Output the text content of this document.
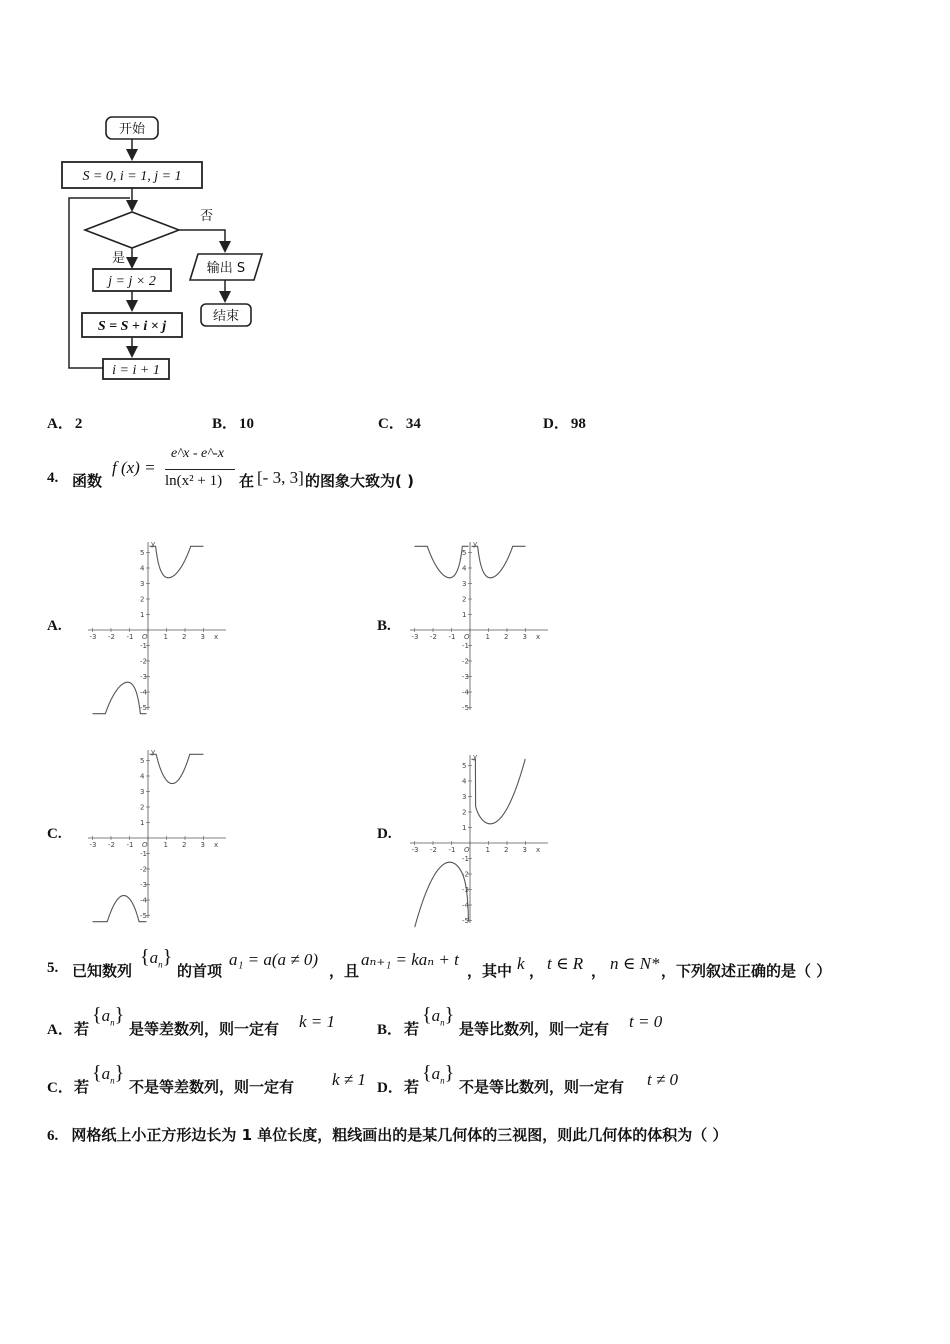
开始
S = 0, i = 1, j = 1
否
输出 S
结束
是
j = j × 2
S = S + i × j
i = i + 1
A． 2	B． 10	C． 34	D． 98
4. 函数
f (x) =
e^x - e^-x
ln(x² + 1) 在 [- 3, 3] 的图象大致为( )
A.	B.
C.	D.
-3 -2 -1 O 1 2 3 x
5
4
3
2
1
-1
-2
-3
-4
-5
y
-3 -2 -1 O 1 2 3 x
5
4
3
2
1
-1
-2
-3
-4
-5
y
-3 -2 -1 O 1 2 3 x
5
4
3
2
1
-1
-2
-3
-4
-5
y
-3 -2 -1 O 1 2 3 x
5
4
3
2
1
-1
-2
-3
-4
-5
y
5. 已知数列
$\{a_n\}$
的首项
a₁ = a(a ≠ 0)
，且
aₙ₊₁ = kaₙ + t
，其中 k ， t ∈ R ， n ∈ N* ，下列叙述正确的是（ ）
A． 若
$\{a_n\}$
是等差数列，则一定有 k = 1	B． 若
$\{a_n\}$
是等比数列，则一定有 t = 0
C． 若
$\{a_n\}$
不是等差数列，则一定有 k ≠ 1 D． 若
$\{a_n\}$
不是等比数列，则一定有 t ≠ 0
6. 网格纸上小正方形边长为 1 单位长度，粗线画出的是某几何体的三视图，则此几何体的体积为（ ）
